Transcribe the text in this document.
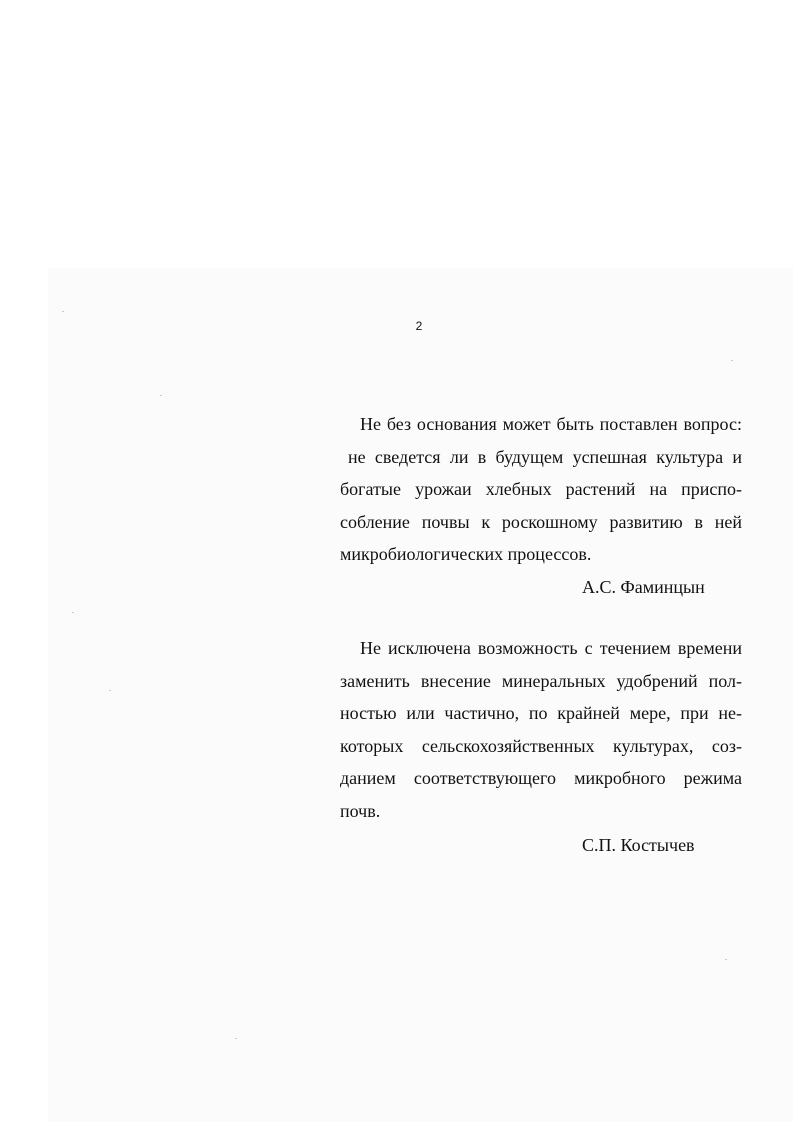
2
Не без основания может быть поставлен вопрос:
не сведется ли в будущем успешная культура и
богатые урожаи хлебных растений на приспо-
собление почвы к роскошному развитию в ней
микробиологических процессов.
А.С. Фаминцын
Не исключена возможность с течением времени
заменить внесение минеральных удобрений пол-
ностью или частично, по крайней мере, при не-
которых сельскохозяйственных культурах, соз-
данием соответствующего микробного режима
почв.
С.П. Костычев
